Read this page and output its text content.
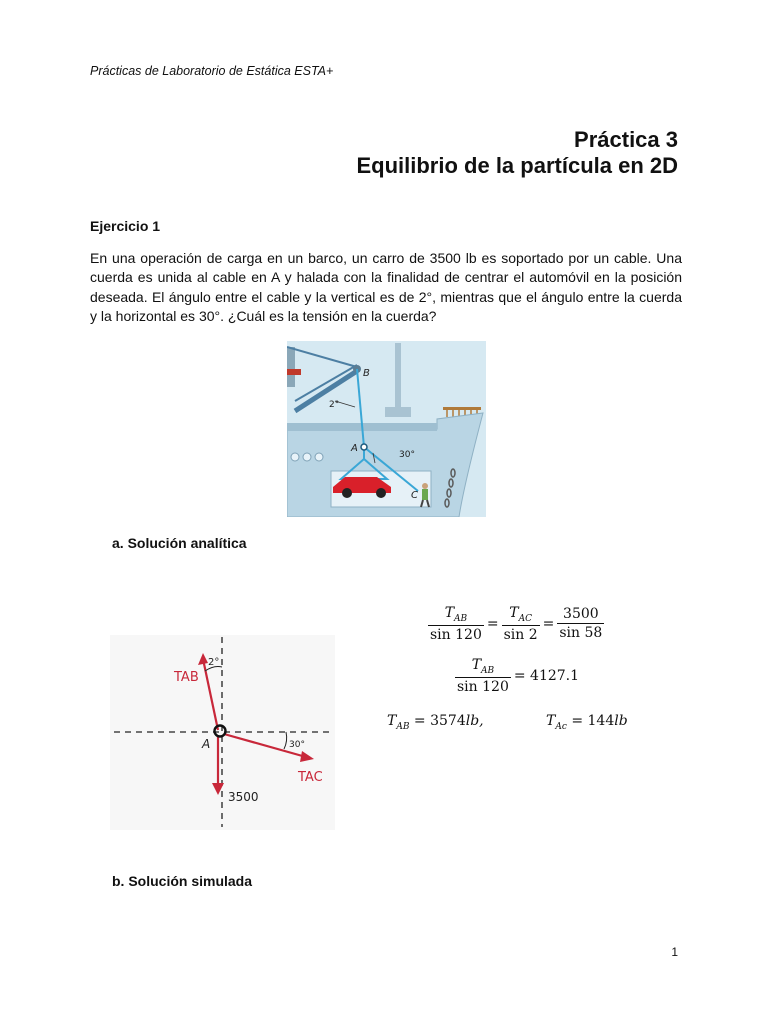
Prácticas de Laboratorio de Estática ESTA+
Práctica 3
Equilibrio de la partícula en 2D
Ejercicio 1
En una operación de carga en un barco, un carro de 3500 lb es soportado por un cable. Una cuerda es unida al cable en A y halada con la finalidad de centrar el automóvil en la posición deseada. El ángulo entre el cable y la vertical es de 2°, mientras que el ángulo entre la cuerda y la horizontal es 30°. ¿Cuál es la tensión en la cuerda?
B
A
C
2°
30°
a. Solución analítica
TAB
TAC
A
2°
30°
3500
$\frac{T_{AB}}{\sin 120} = \frac{T_{AC}}{\sin 2} = \frac{3500}{\sin 58}$
$\frac{T_{AB}}{\sin 120} = 4127.1$
$T_{AB} = 3574lb$,	$T_{Ac} = 144lb$
b. Solución simulada
1
